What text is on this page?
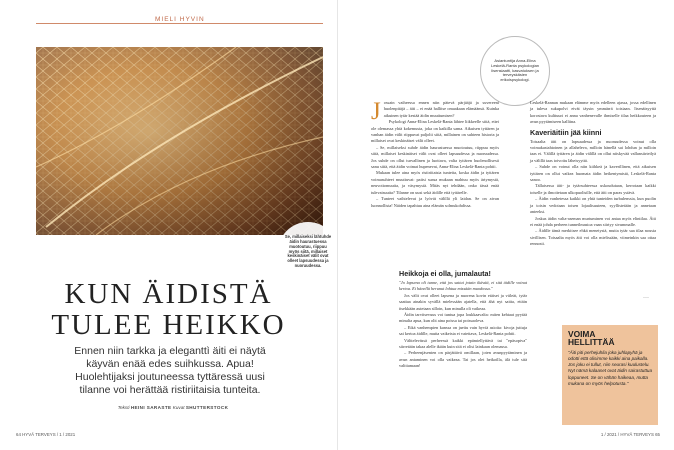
MIELI HYVIN
Se, millaiseksi lähtuhde äidin haurastuessa muotoutuu, riippuu myös siitä, millaiset keskinäiset välit ovat olleet lapsuudessa ja nuoruudessa.
KUN ÄIDISTÄ
TULEE HEIKKO
Ennen niin tarkka ja eleganttì äiti ei näytä käyvän enää edes suihkussa. Apua! Huolehtijaksi joutuneessa tyttäressä uusi tilanne voi herättää ristiriitaisia tunteita.
Teksti HEINI SARASTE Kuvat SHUTTERSTOCK
64 HYVÄ TERVEYS / 1 / 2021	1 / 2021 / HYVÄ TERVEYS 65
Asiantuntija Anna-Elina Leskelä-Ranta psykologian lisensiaatti, kasvatuksen ja terveyskäsien erikoispsykologi.
J ossain vaiheessa ennen niin pätevä pärjääjä ja suvereeni huolenpitäjä – äiti – ei enää hallitse omaakaan elämäänsä. Kuinka aikuinen tytär kestää äidin muuttumisen?

Psykologi Anna-Elina Leskelä-Ranta lähtee liikkeelle siitä, ettei ole olemassa yhtä kokemusta, joka on kaikilla sama. Aikuisen tyttären ja vanhan äidin välit riippuvat paljolti siitä, millainen on suhteen historia ja millaiset ovat keskinäiset välit olleet.

– Se, millaiseksi suhde äidin haurastuessa muotoutuu, riippuu myös siitä, millaiset keskinäiset välit ovat olleet lapsuudessa ja nuoruudessa. Jos suhde on ollut turvallinen ja luottava, valta tyttären huolenollisesti sanu siitä, että äidin voimat hupenevat, Anna-Elina Leskelä-Ranta pohtii.

Mukaan tulee aina myös ristiriitaisia tunteita, koska äidin ja tyttären voimasuhteet muuttuvat: paitsi surua mukaan mahtuu myös ärtymystä, neuvottomuutta, ja väsymystä. Mitäs nyt tehdään, onko tässä enää tulevaisuutta? Tilanne on uusi sekä äidille että tyttärelle.

– Tunteet vaihtelevat ja lyövät välillä yli laidan. Se on aivan luonnollista! Näiden tapahtuu aina elämän solmukohdissa.

Heikkoja ei olla, jumalauta!

"Jo lapsena oli tunne, että jos sattui jotain ikävää, ei sitä äidille voinut kertoa. Ei hänellä herunut lohtua missään muodossa."

Jos välit ovat olleet lapsena ja nuorena kovin etäiset ja viileät, tytär saattaa ainakin syvällä mielessään ajatella, että ähä nyt saitta, ettäin itsekkään autetaan silloin, kun minulla oli vaikeaa.

Äidin tarvitsevuus voi tuntua jopa loukkaavalta: miten kehtaat pyytää minulta apua, kun olit aina poissa tai poissaoleva.

– Eikä vanhempien kanssa on jaettu vain hyviä asioita: kivoja juttuja sai kertoa äidille, mutta vaikeista ei vaiettava, Leskelä-Ranta pohtii.

Välttelevässä perheessä kaikki epämiellyttävä tai "epäsopiva" siirretään takaa alelle ikään kuin sitä ei olisi lainkaan olemassa.

– Perheenjäsenten on pärjättävä omillaan, joten avunpyytäminen ja avun antaminen voi olla vaikeaa. Tai jos olet heikoilla, älä tule sitä valittamaan!

Leskelä-Rannan mukaan elämme myös edelleen ajassa, jossa edellinen ja tuleva sukupolvi eivät täysin ymmärrä toisiaan. Itsenäisyyttä korostava kulttuuri ei anna vanhenevalle ihmiselle tilaa heikkouteen ja avun pyytämiseen kalliina.

Kaveriäitiin jää kiinni

Toisaalta äiti on lapsuudessa ja nuoruudessa voinut olla voimakastahtoinen ja allaheleva, milloin hänellä sai lohdun ja milloin taas ei. Välillä tyttären ja äidin välillä on ollut niiskyvää vallansiirteilyä ja välillä taas toivottu läheisyyttä.

– Suhde on voinut olla niin kiihkeä ja kaverillinen, että aikuisen tyttären on ollut vaikea huomata äidin heikentymistä, Leskelä-Ranta sanoo.

Tällaisessa äiti- ja tytärsuhteessa uskoudutaan, kerrotaan kaikki toiselle ja ilmoitetaan ulkopuolisille, että äiti on paras ystävä.

– Äidin vanhetessa kaikki on yhtä tunteiden turbulenssia, kun puolin ja toisin vedotaan toisen lojaalisuuteen, syyllistetään ja annetaan anteeksi.

Joskus äidin valta-aseman murtuminen voi antaa myös elintilaa. Äiti ei enää johda perheen tunneilmastoa vaan siirtyy sivummalle.

– Äidille tämä merkitsee ehkä menetystä, mutta tytär saa tilaa nousta sivillisen. Toisaalta myös äiti voi olla mielissään, viimeinkin saa ottaa rennosti.

···
VOIMA
HELLITTÄÄ
"Äiti piti perhejuhlia joka juhlapyhä ja odotti että olisimme kaikki aina paikalla. Jos joku ei tullut, niin seurasi kuulustelu. Nyt nämä kalaaset ovat äidin sairastuttua loppuneet. Se on vähän haikeaa, mutta mukana on myös helpotusta."
